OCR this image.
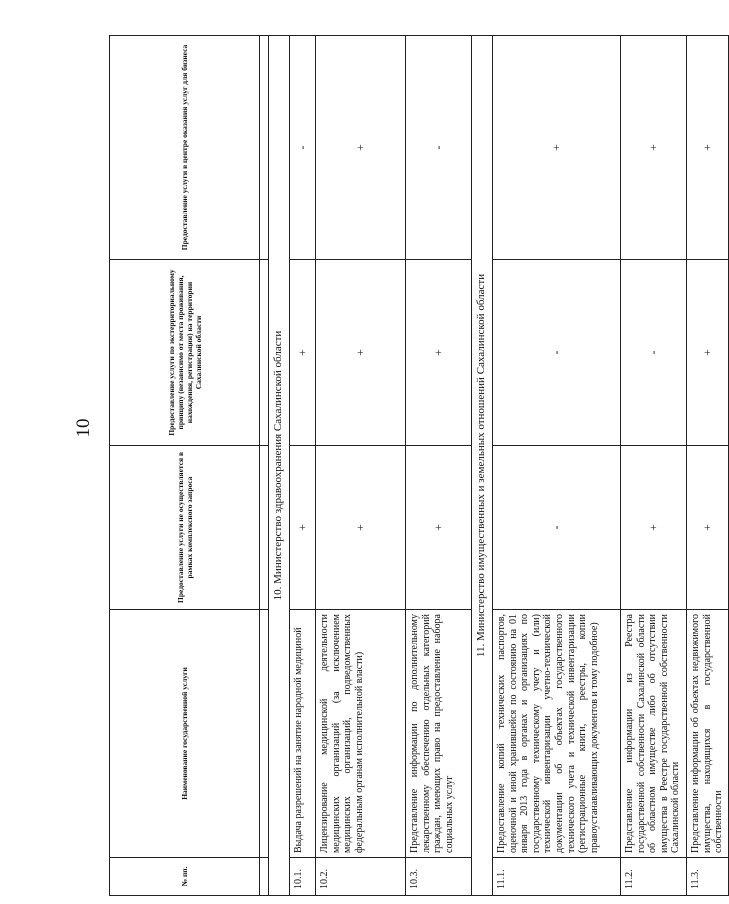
10
№ пп.	Наименование государственной услуги	Предоставление услуги не осуществляется в рамках комплексного запроса	Предоставление услуги по экстерриториальному принципу (независимо от места проживания, нахождения, регистрации) на территории Сахалинской области	Предоставление услуги в центре оказания услуг для бизнеса

10. Министерство здравоохранения Сахалинской области				
10.1.	Выдача разрешений на занятие народной медициной	+	+	-
10.2.	Лицензирование медицинской деятельности медицинских организаций (за исключением медицинских организаций, подведомственных федеральным органам исполнительной власти)	+	+	+
10.3.	Представление информации по дополнительному лекарственному обеспечению отдельных категорий граждан, имеющих право на предоставление набора социальных услуг	+	+	-
11. Министерство имущественных и земельных отношений Сахалинской области				
11.1.	Предоставление копий технических паспортов, оценочной и иной хранившейся по состоянию на 01 января 2013 года в органах и организациях по государственному техническому учету и (или) технической инвентаризации учетно-технической документации об объектах государственного технического учета и технической инвентаризации (регистрационные книги, реестры, копии правоустанавливающих документов и тому подобное)	-	-	+
11.2.	Представление информации из Реестра государственной собственности Сахалинской области об областном имуществе либо об отсутствии имущества в Реестре государственной собственности Сахалинской области	+	-	+
11.3.	Представление информации об объектах недвижимого имущества, находящихся в государственной собственности	+	+	+
